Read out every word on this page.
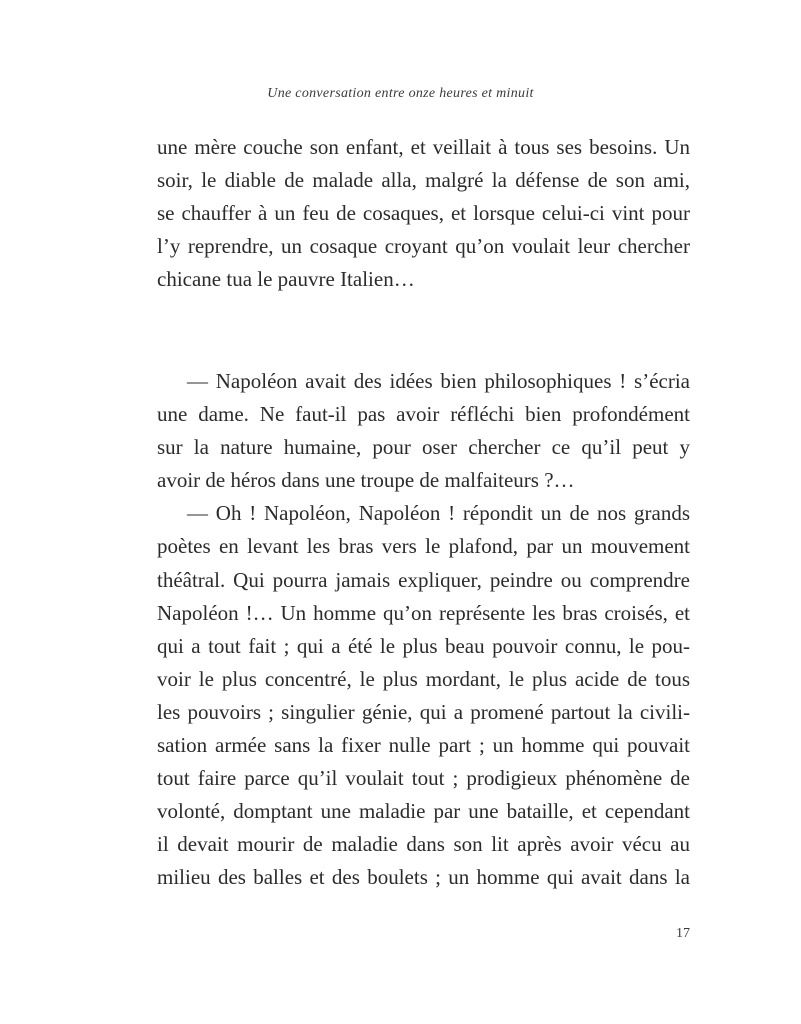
Une conversation entre onze heures et minuit
une mère couche son enfant, et veillait à tous ses besoins. Un
soir, le diable de malade alla, malgré la défense de son ami,
se chauffer à un feu de cosaques, et lorsque celui-ci vint pour
l’y reprendre, un cosaque croyant qu’on voulait leur chercher
chicane tua le pauvre Italien…
— Napoléon avait des idées bien philosophiques ! s’écria
une dame. Ne faut-il pas avoir réfléchi bien profondément
sur la nature humaine, pour oser chercher ce qu’il peut y
avoir de héros dans une troupe de malfaiteurs ?…
— Oh ! Napoléon, Napoléon ! répondit un de nos grands
poètes en levant les bras vers le plafond, par un mouvement
théâtral. Qui pourra jamais expliquer, peindre ou comprendre
Napoléon !… Un homme qu’on représente les bras croisés, et
qui a tout fait ; qui a été le plus beau pouvoir connu, le pou-
voir le plus concentré, le plus mordant, le plus acide de tous
les pouvoirs ; singulier génie, qui a promené partout la civili-
sation armée sans la fixer nulle part ; un homme qui pouvait
tout faire parce qu’il voulait tout ; prodigieux phénomène de
volonté, domptant une maladie par une bataille, et cependant
il devait mourir de maladie dans son lit après avoir vécu au
milieu des balles et des boulets ; un homme qui avait dans la
17
